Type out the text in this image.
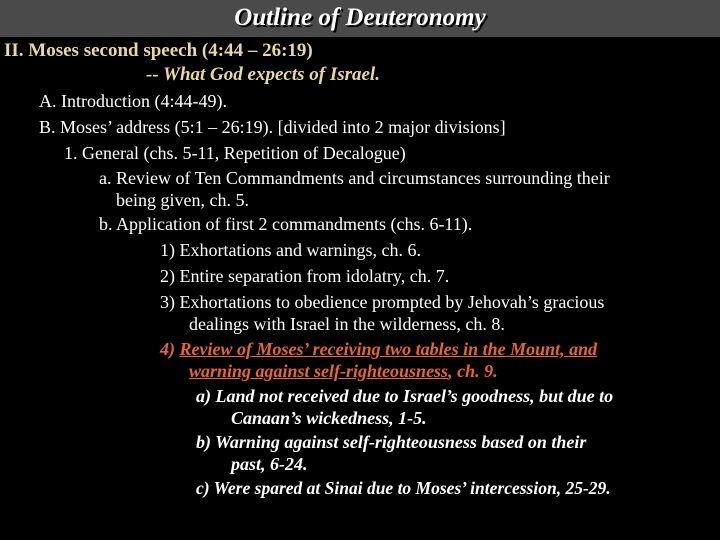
Outline of Deuteronomy
II. Moses second speech (4:44 – 26:19)
-- What God expects of Israel.
A. Introduction (4:44-49).
B. Moses’ address (5:1 – 26:19). [divided into 2 major divisions]
1. General (chs. 5-11, Repetition of Decalogue)
a. Review of Ten Commandments and circumstances surrounding their
being given, ch. 5.
b. Application of first 2 commandments (chs. 6-11).
1) Exhortations and warnings, ch. 6.
2) Entire separation from idolatry, ch. 7.
3) Exhortations to obedience prompted by Jehovah’s gracious
dealings with Israel in the wilderness, ch. 8.
4) Review of Moses’ receiving two tables in the Mount, and
warning against self-righteousness, ch. 9.
a) Land not received due to Israel’s goodness, but due to
Canaan’s wickedness, 1-5.
b) Warning against self-righteousness based on their
past, 6-24.
c) Were spared at Sinai due to Moses’ intercession, 25-29.
